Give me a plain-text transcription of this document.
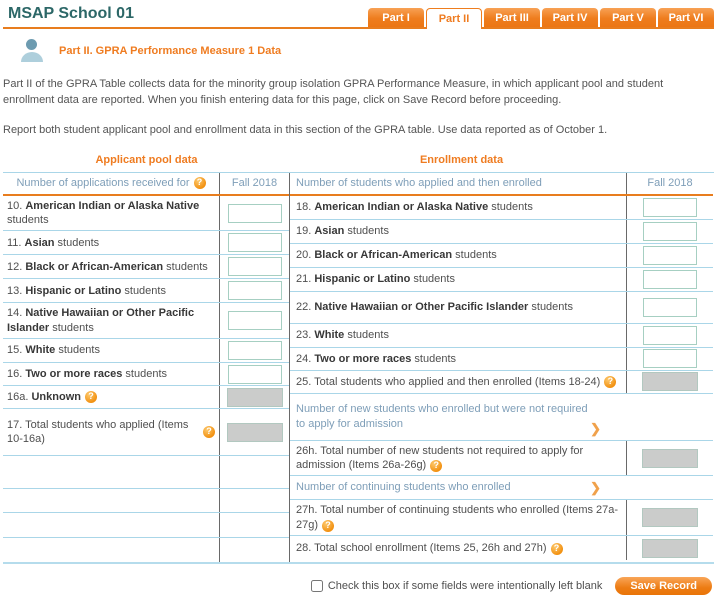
MSAP School 01	Part I	Part II	Part III	Part IV	Part V	Part VI
Part II. GPRA Performance Measure 1 Data

Part II of the GPRA Table collects data for the minority group isolation GPRA Performance Measure, in which applicant pool and student enrollment data are reported. When you finish entering data for this page, click on Save Record before proceeding.

Report both student applicant pool and enrollment data in this section of the GPRA table. Use data reported as of October 1.

Applicant pool data	Enrollment data
Number of applications received for ?	Fall 2018
10. American Indian or Alaska Native students
11. Asian students
12. Black or African-American students
13. Hispanic or Latino students
14. Native Hawaiian or Other Pacific Islander students
15. White students
16. Two or more races students
16a. Unknown ?
17. Total students who applied (Items 10-16a)
?
Number of students who applied and then enrolled	Fall 2018
18. American Indian or Alaska Native students
19. Asian students
20. Black or African-American students
21. Hispanic or Latino students
22. Native Hawaiian or Other Pacific Islander students
23. White students
24. Two or more races students
25. Total students who applied and then enrolled (Items 18-24) ?
Number of new students who enrolled but were not required to apply for admission	❯
26h. Total number of new students not required to apply for admission (Items 26a-26g) ?
Number of continuing students who enrolled	❯
27h. Total number of continuing students who enrolled (Items 27a-27g) ?
28. Total school enrollment (Items 25, 26h and 27h) ?
Check this box if some fields were intentionally left blank	Save Record
